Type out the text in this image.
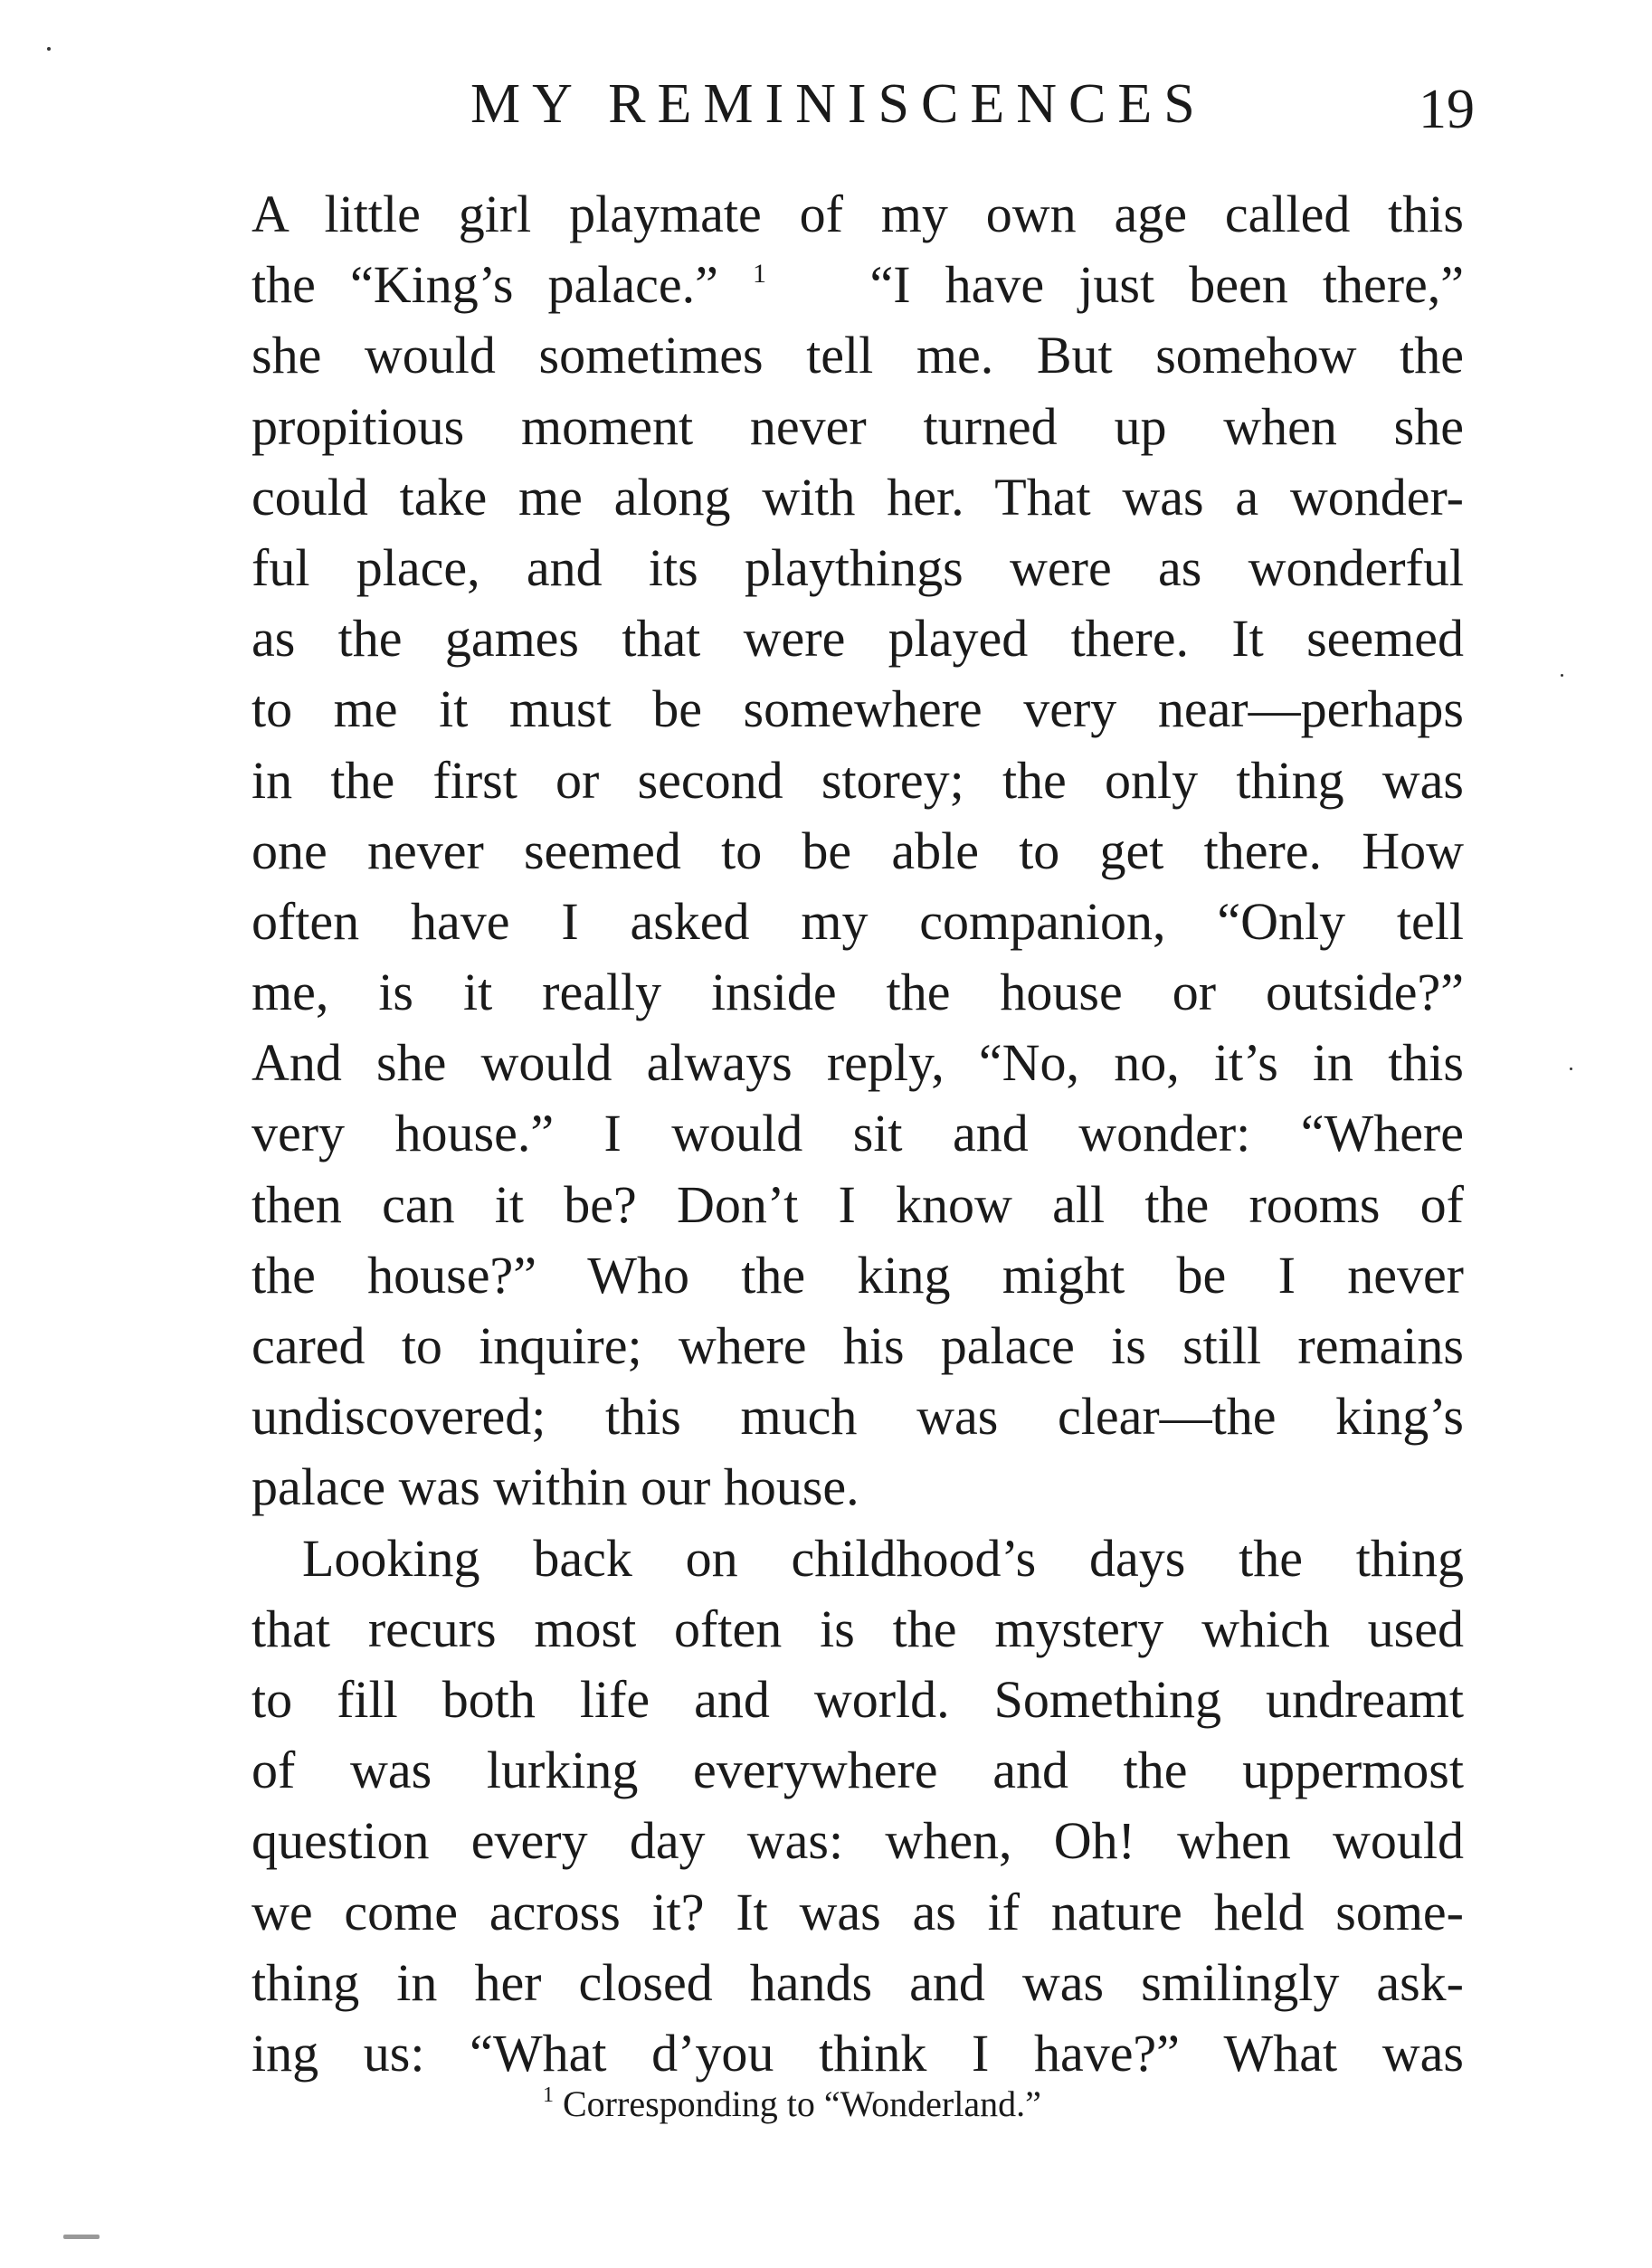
MY REMINISCENCES	19
A little girl playmate of my own age called this
the “King’s palace.” $^1$ “I have just been there,”
she would sometimes tell me. But somehow the
propitious moment never turned up when she
could take me along with her. That was a wonder-
ful place, and its playthings were as wonderful
as the games that were played there. It seemed
to me it must be somewhere very near—perhaps
in the first or second storey; the only thing was
one never seemed to be able to get there. How
often have I asked my companion, “Only tell
me, is it really inside the house or outside?”
And she would always reply, “No, no, it’s in this
very house.” I would sit and wonder: “Where
then can it be? Don’t I know all the rooms of
the house?” Who the king might be I never
cared to inquire; where his palace is still remains
undiscovered; this much was clear—the king’s
palace was within our house.
Looking back on childhood’s days the thing
that recurs most often is the mystery which used
to fill both life and world. Something undreamt
of was lurking everywhere and the uppermost
question every day was: when, Oh! when would
we come across it? It was as if nature held some-
thing in her closed hands and was smilingly ask-
ing us: “What d’you think I have?” What was
$^1$ Corresponding to “Wonderland.”
